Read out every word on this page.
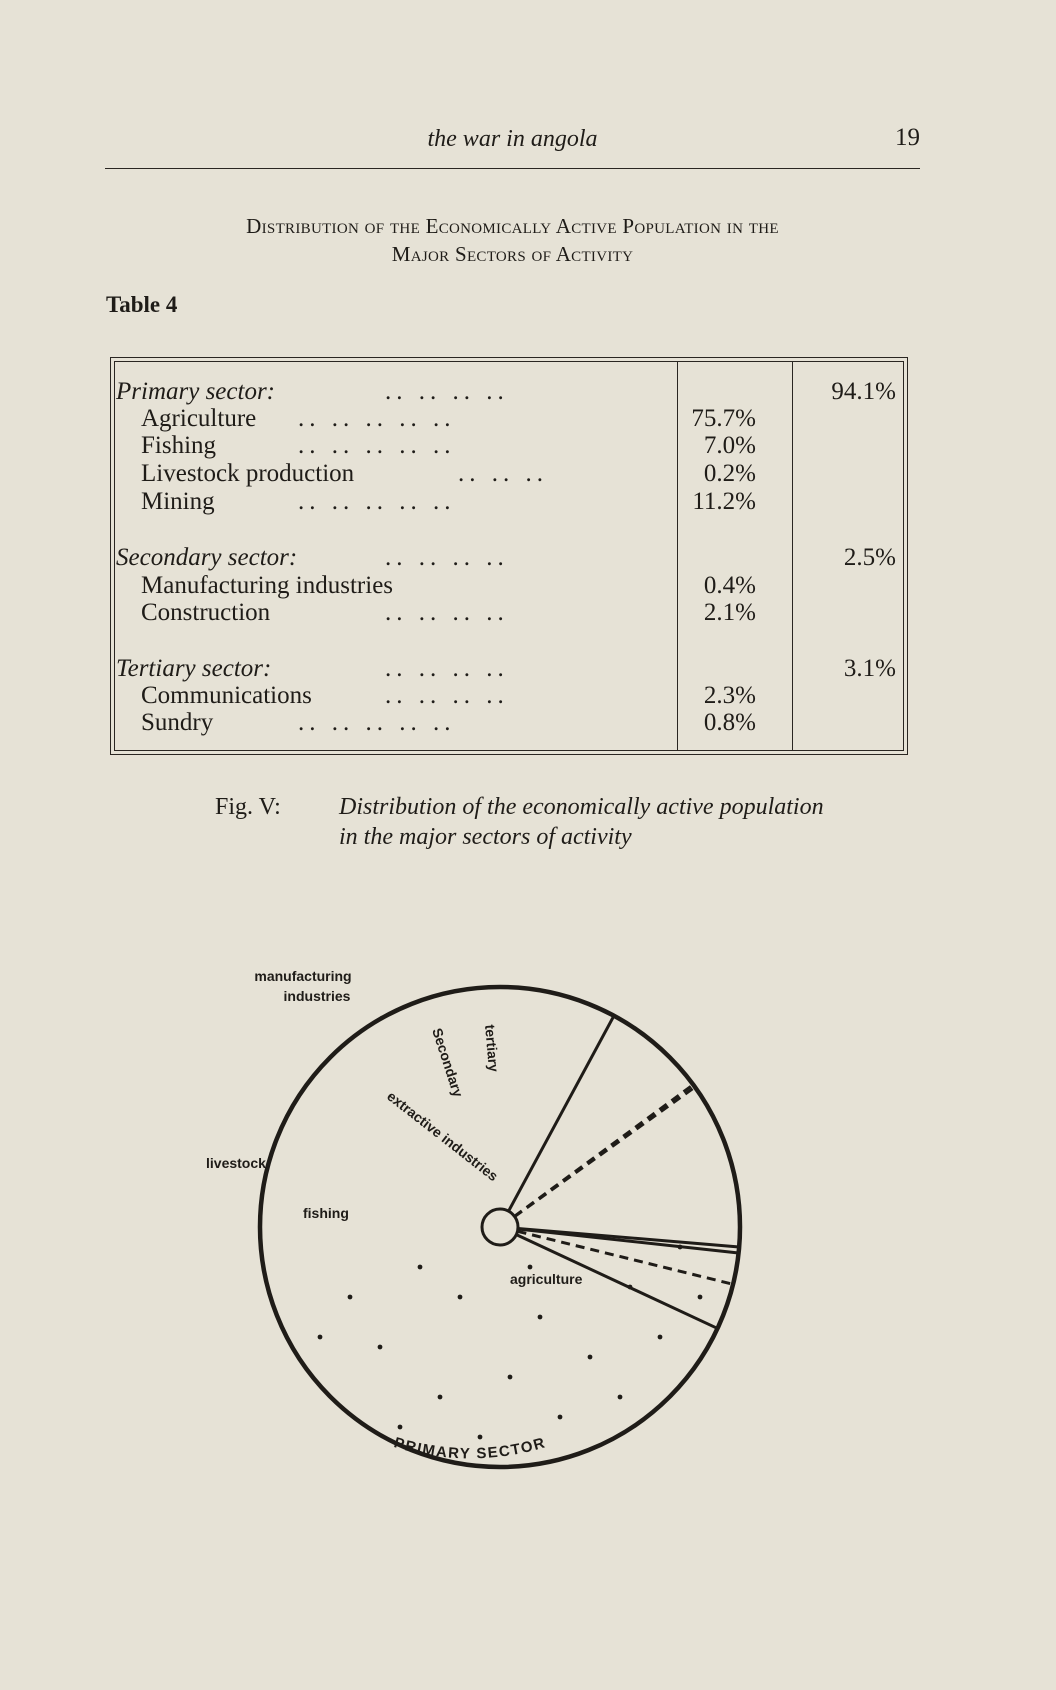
the war in angola	19
Distribution of the Economically Active Population in the
Major Sectors of Activity
Table 4
Primary sector:	94.1%
Agriculture	75.7%
Fishing	7.0%
Livestock production	0.2%
Mining	11.2%
Secondary sector:	2.5%
Manufacturing industries	0.4%
Construction	2.1%
Tertiary sector:	3.1%
Communications	2.3%
Sundry	0.8%
.. .. .. ..
.. .. .. .. ..
.. .. .. .. ..
.. .. ..
.. .. .. .. ..
.. .. .. ..
.. .. .. ..
.. .. .. ..
.. .. .. ..
.. .. .. .. ..
Fig. V: Distribution of the economically active population
in the major sectors of activity
manufacturing
industries
livestock
fishing
agriculture
extractive industries
Secondary tertiary
PRIMARY SECTOR
